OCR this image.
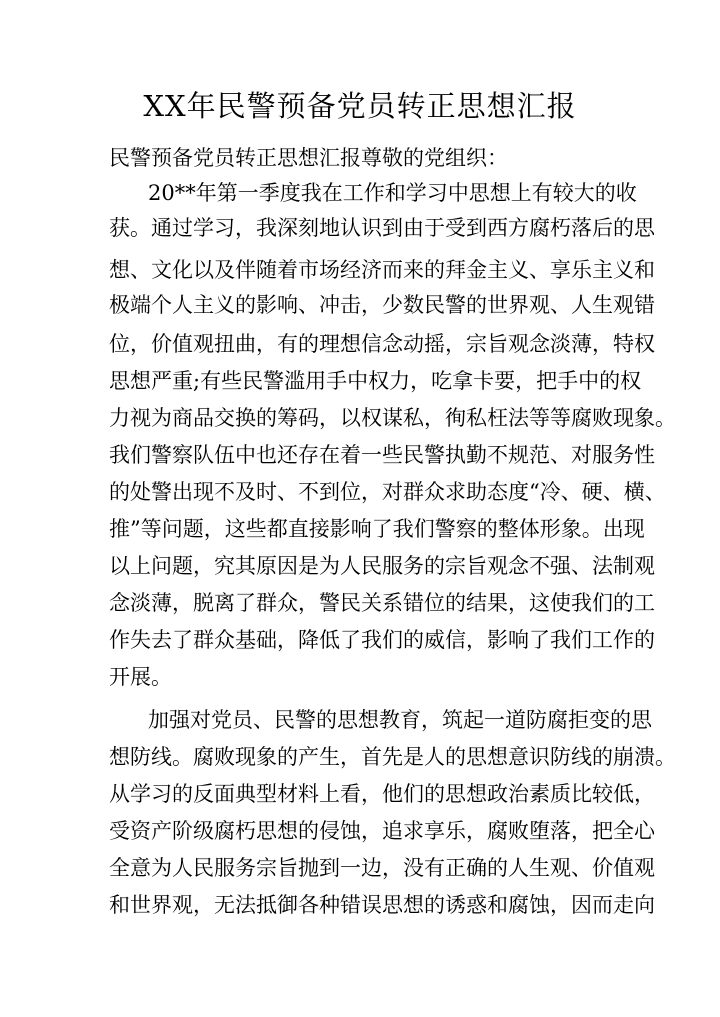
XX年民警预备党员转正思想汇报

民警预备党员转正思想汇报尊敬的党组织：

20**年第一季度我在工作和学习中思想上有较大的收

获。通过学习，我深刻地认识到由于受到西方腐朽落后的思

想、文化以及伴随着市场经济而来的拜金主义、享乐主义和

极端个人主义的影响、冲击，少数民警的世界观、人生观错

位，价值观扭曲，有的理想信念动摇，宗旨观念淡薄，特权

思想严重;有些民警滥用手中权力，吃拿卡要，把手中的权

力视为商品交换的筹码，以权谋私，徇私枉法等等腐败现象。

我们警察队伍中也还存在着一些民警执勤不规范、对服务性

的处警出现不及时、不到位，对群众求助态度“冷、硬、横、

推”等问题，这些都直接影响了我们警察的整体形象。出现

以上问题，究其原因是为人民服务的宗旨观念不强、法制观

念淡薄，脱离了群众，警民关系错位的结果，这使我们的工

作失去了群众基础，降低了我们的威信，影响了我们工作的

开展。

加强对党员、民警的思想教育，筑起一道防腐拒变的思

想防线。腐败现象的产生，首先是人的思想意识防线的崩溃。

从学习的反面典型材料上看，他们的思想政治素质比较低，

受资产阶级腐朽思想的侵蚀，追求享乐，腐败堕落，把全心

全意为人民服务宗旨抛到一边，没有正确的人生观、价值观

和世界观，无法抵御各种错误思想的诱惑和腐蚀，因而走向
